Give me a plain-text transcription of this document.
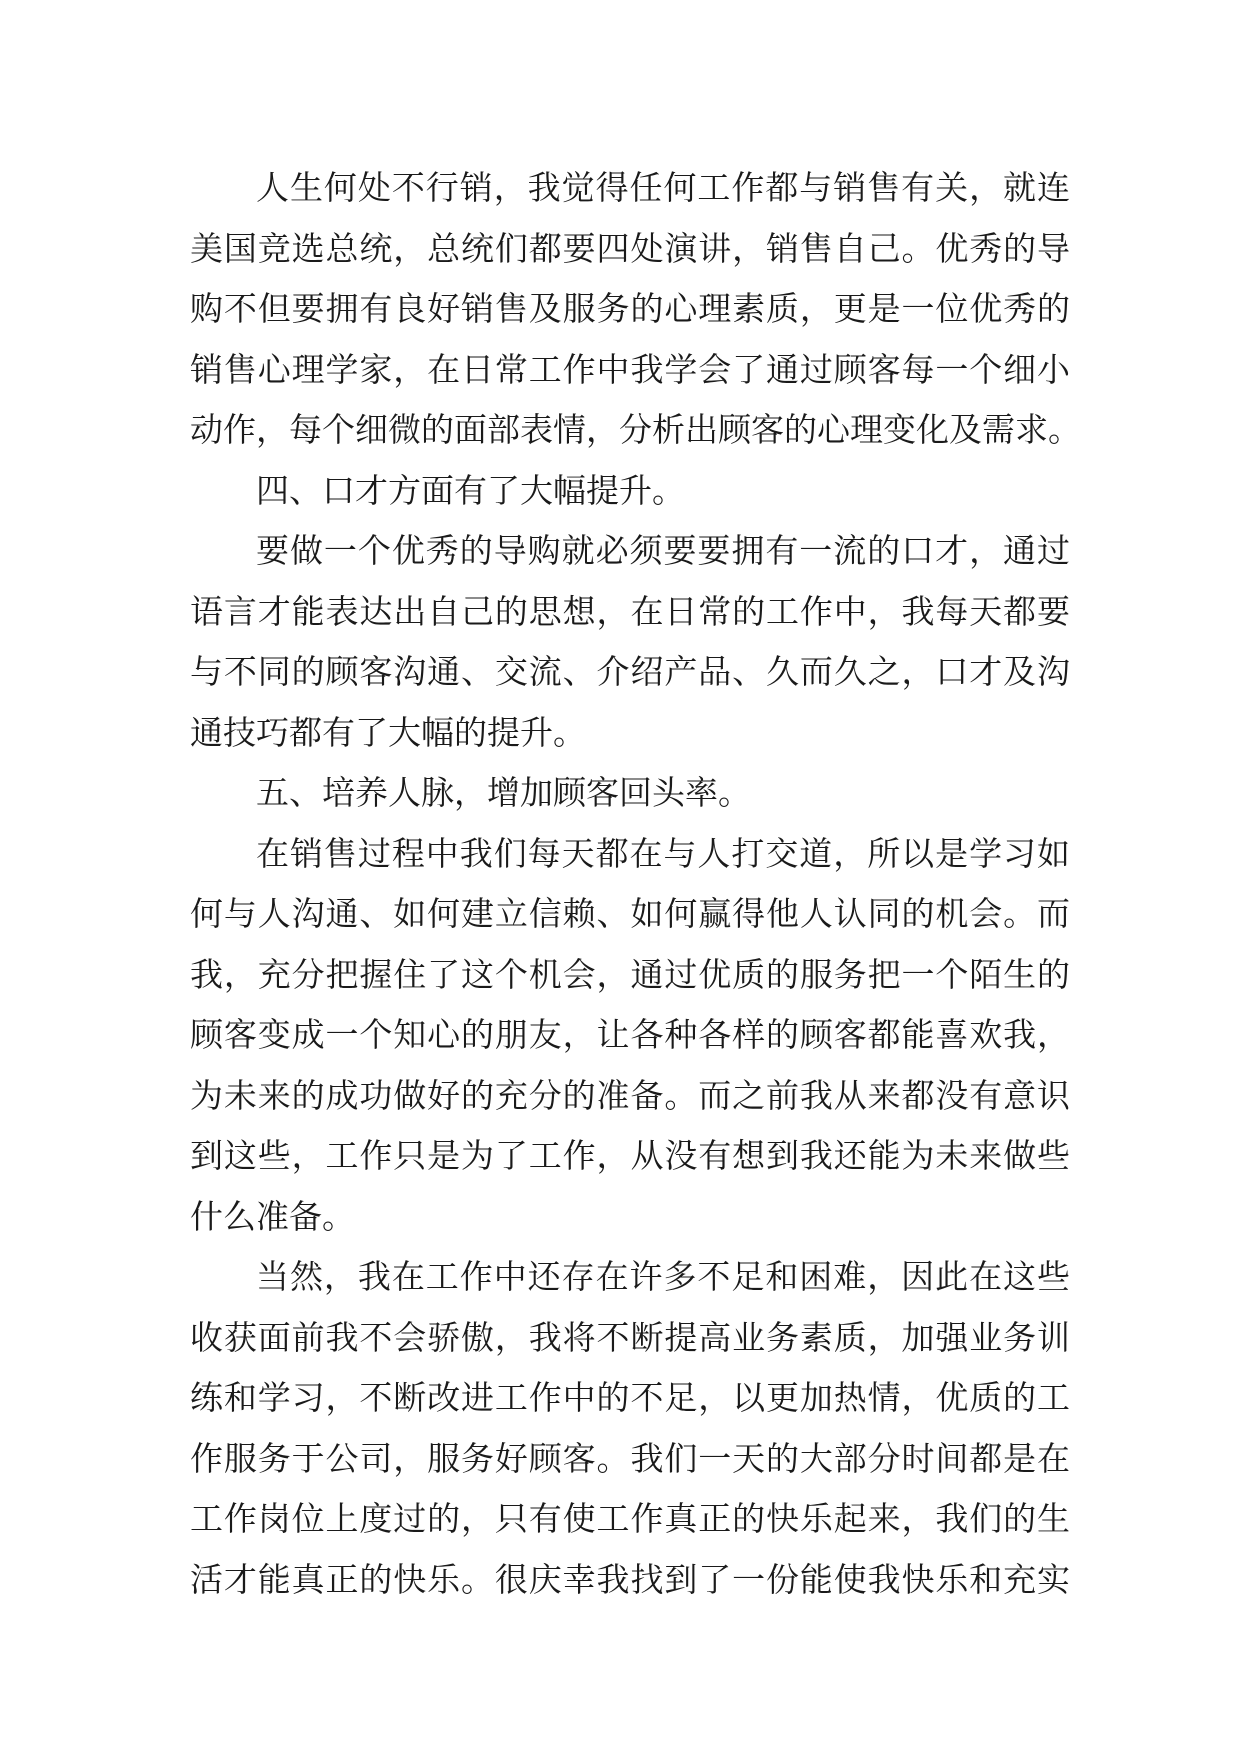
人生何处不行销，我觉得任何工作都与销售有关，就连
美国竞选总统，总统们都要四处演讲，销售自己。优秀的导
购不但要拥有良好销售及服务的心理素质，更是一位优秀的
销售心理学家，在日常工作中我学会了通过顾客每一个细小
动作，每个细微的面部表情，分析出顾客的心理变化及需求。
四、口才方面有了大幅提升。
要做一个优秀的导购就必须要要拥有一流的口才，通过
语言才能表达出自己的思想，在日常的工作中，我每天都要
与不同的顾客沟通、交流、介绍产品、久而久之，口才及沟
通技巧都有了大幅的提升。
五、培养人脉，增加顾客回头率。
在销售过程中我们每天都在与人打交道，所以是学习如
何与人沟通、如何建立信赖、如何赢得他人认同的机会。而
我，充分把握住了这个机会，通过优质的服务把一个陌生的
顾客变成一个知心的朋友，让各种各样的顾客都能喜欢我，
为未来的成功做好的充分的准备。而之前我从来都没有意识
到这些，工作只是为了工作，从没有想到我还能为未来做些
什么准备。
当然，我在工作中还存在许多不足和困难，因此在这些
收获面前我不会骄傲，我将不断提高业务素质，加强业务训
练和学习，不断改进工作中的不足，以更加热情，优质的工
作服务于公司，服务好顾客。我们一天的大部分时间都是在
工作岗位上度过的，只有使工作真正的快乐起来，我们的生
活才能真正的快乐。很庆幸我找到了一份能使我快乐和充实
